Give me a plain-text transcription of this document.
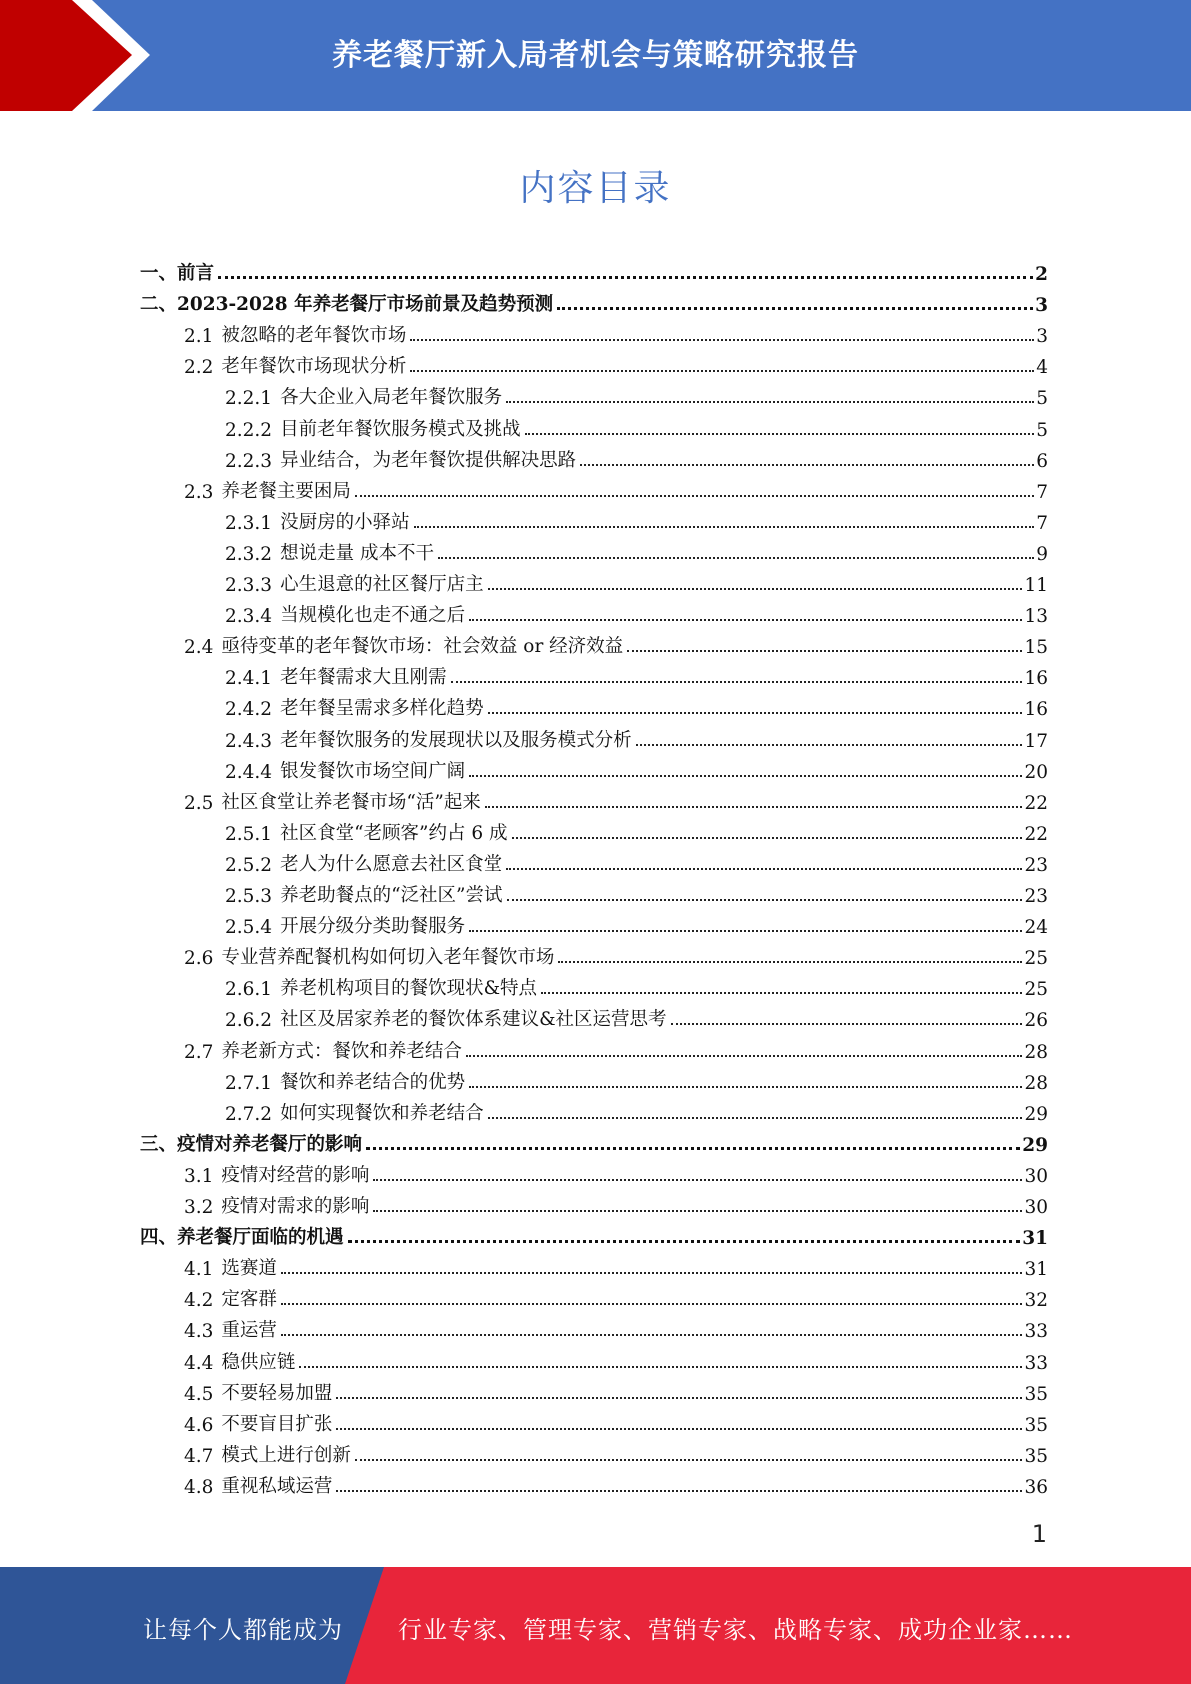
养老餐厅新入局者机会与策略研究报告
内容目录
一、 前言	2
二、 2023-2028 年养老餐厅市场前景及趋势预测	3
2.1 被忽略的老年餐饮市场	3
2.2 老年餐饮市场现状分析	4
2.2.1 各大企业入局老年餐饮服务	5
2.2.2 目前老年餐饮服务模式及挑战	5
2.2.3 异业结合，为老年餐饮提供解决思路	6
2.3 养老餐主要困局	7
2.3.1 没厨房的小驿站	7
2.3.2 想说走量 成本不干	9
2.3.3 心生退意的社区餐厅店主	11
2.3.4 当规模化也走不通之后	13
2.4 亟待变革的老年餐饮市场：社会效益 or 经济效益	15
2.4.1 老年餐需求大且刚需	16
2.4.2 老年餐呈需求多样化趋势	16
2.4.3 老年餐饮服务的发展现状以及服务模式分析	17
2.4.4 银发餐饮市场空间广阔	20
2.5 社区食堂让养老餐市场“活”起来	22
2.5.1 社区食堂“老顾客”约占 6 成	22
2.5.2 老人为什么愿意去社区食堂	23
2.5.3 养老助餐点的“泛社区”尝试	23
2.5.4 开展分级分类助餐服务	24
2.6 专业营养配餐机构如何切入老年餐饮市场	25
2.6.1 养老机构项目的餐饮现状&特点	25
2.6.2 社区及居家养老的餐饮体系建议&社区运营思考	26
2.7 养老新方式：餐饮和养老结合	28
2.7.1 餐饮和养老结合的优势	28
2.7.2 如何实现餐饮和养老结合	29
三、 疫情对养老餐厅的影响	29
3.1 疫情对经营的影响	30
3.2 疫情对需求的影响	30
四、 养老餐厅面临的机遇	31
4.1 选赛道	31
4.2 定客群	32
4.3 重运营	33
4.4 稳供应链	33
4.5 不要轻易加盟	35
4.6 不要盲目扩张	35
4.7 模式上进行创新	35
4.8 重视私域运营	36
1
让每个人都能成为 行业专家、管理专家、营销专家、战略专家、成功企业家……
